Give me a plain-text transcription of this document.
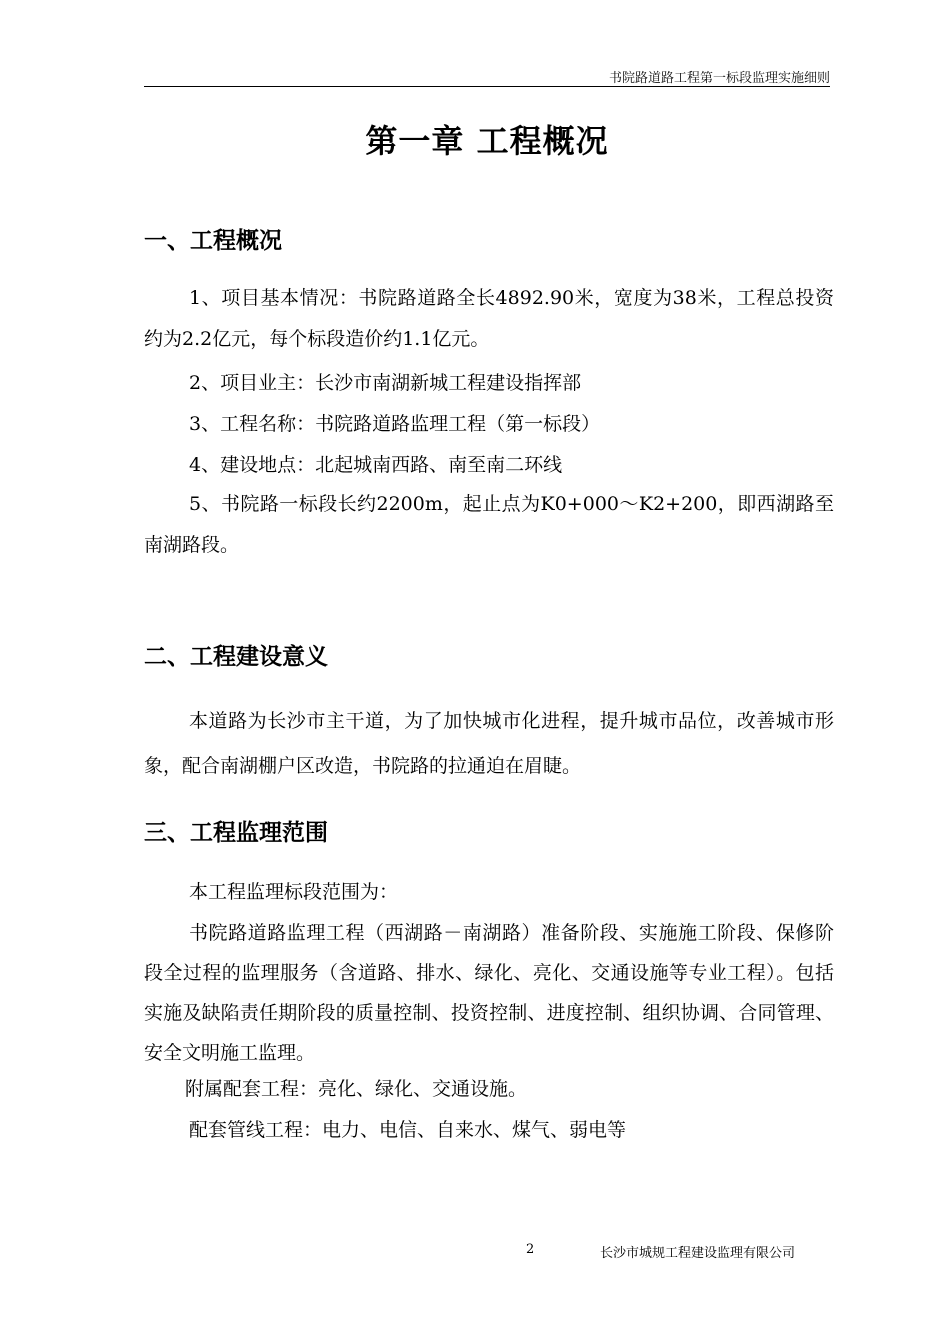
书院路道路工程第一标段监理实施细则
第一章 工程概况
一、工程概况
1、项目基本情况：书院路道路全长4892.90米，宽度为38米，工程总投资约为2.2亿元，每个标段造价约1.1亿元。
2、项目业主：长沙市南湖新城工程建设指挥部
3、工程名称：书院路道路监理工程（第一标段）
4、建设地点：北起城南西路、南至南二环线
5、书院路一标段长约2200m，起止点为K0+000～K2+200，即西湖路至南湖路段。
二、工程建设意义
本道路为长沙市主干道，为了加快城市化进程，提升城市品位，改善城市形象，配合南湖棚户区改造，书院路的拉通迫在眉睫。
三、工程监理范围
本工程监理标段范围为：
书院路道路监理工程（西湖路－南湖路）准备阶段、实施施工阶段、保修阶段全过程的监理服务（含道路、排水、绿化、亮化、交通设施等专业工程）。包括实施及缺陷责任期阶段的质量控制、投资控制、进度控制、组织协调、合同管理、安全文明施工监理。
附属配套工程：亮化、绿化、交通设施。
配套管线工程：电力、电信、自来水、煤气、弱电等
2	长沙市城规工程建设监理有限公司
